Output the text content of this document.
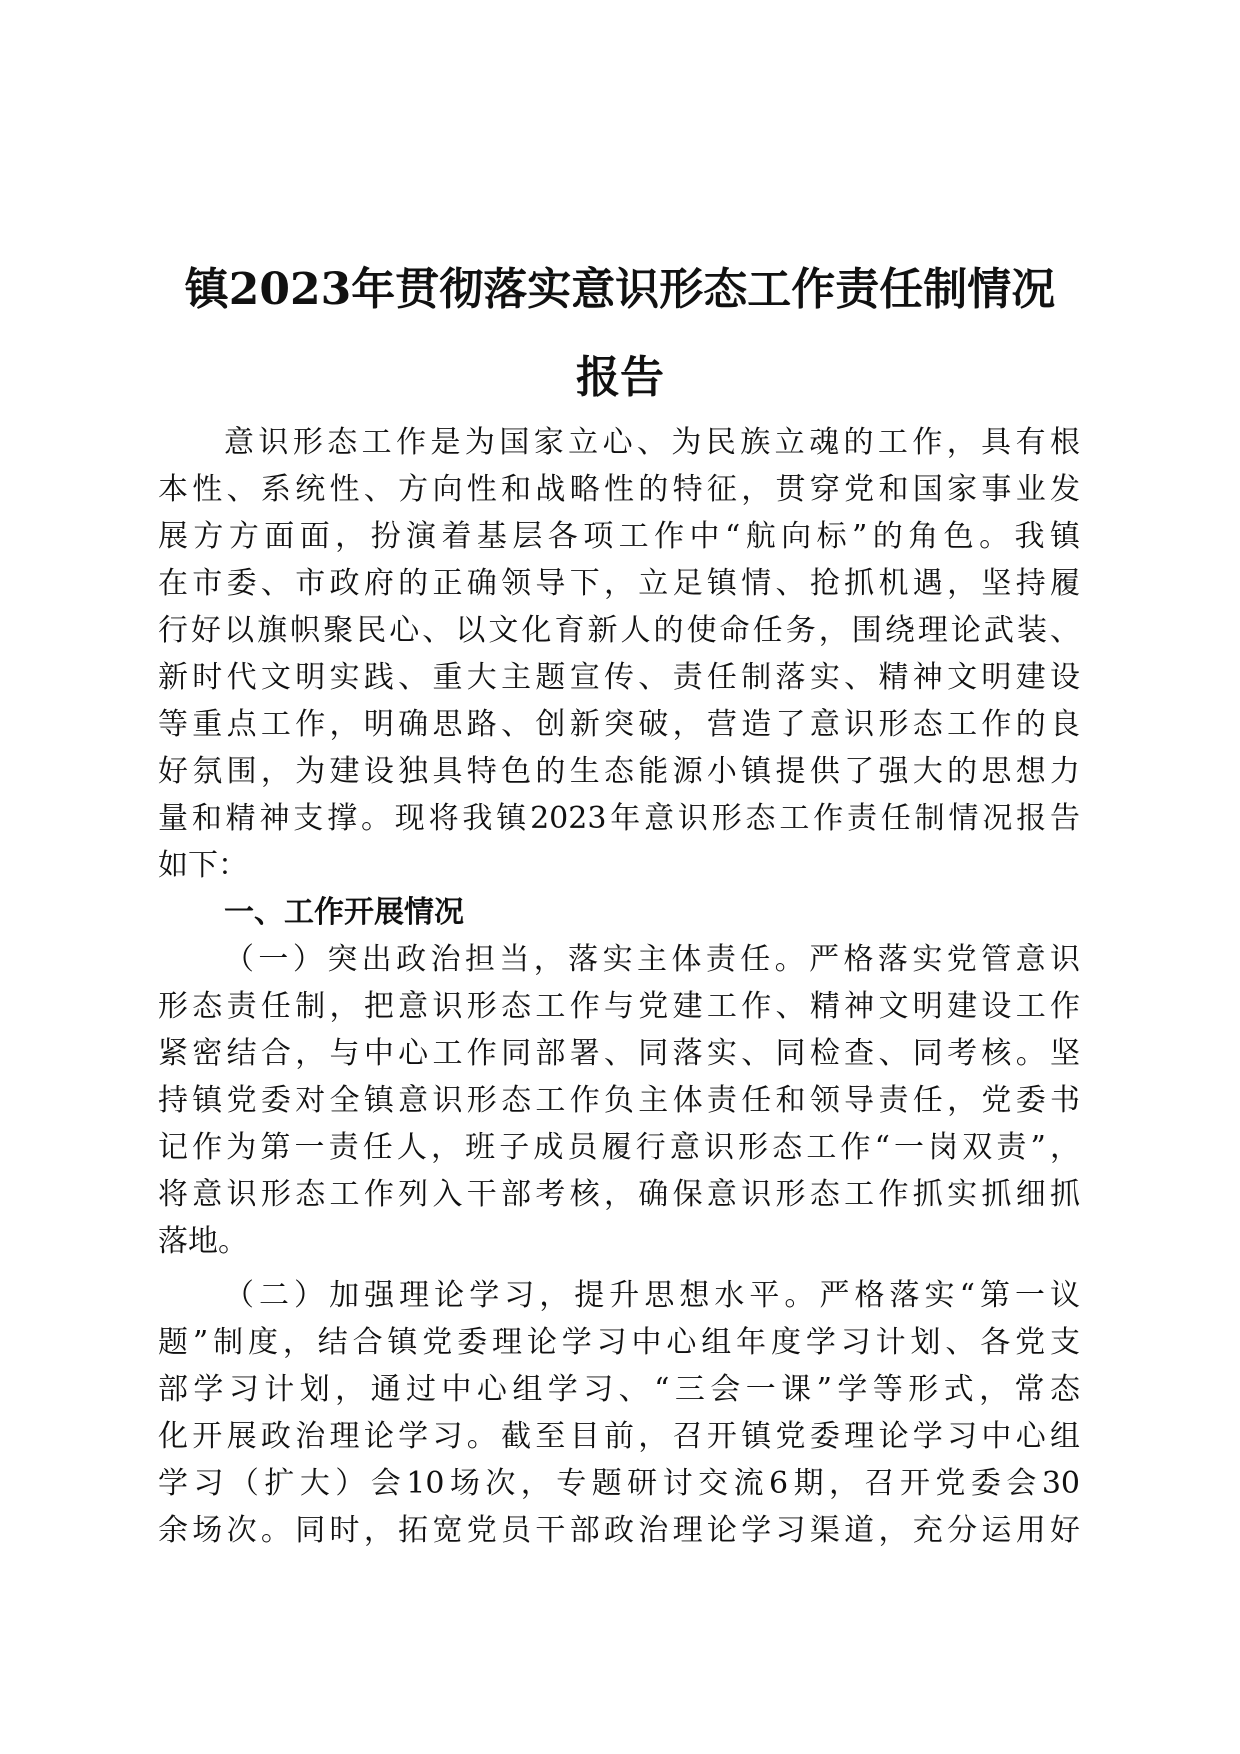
镇2023年贯彻落实意识形态工作责任制情况
报告
意识形态工作是为国家立心、为民族立魂的工作，具有根
本性、系统性、方向性和战略性的特征，贯穿党和国家事业发
展方方面面，扮演着基层各项工作中“航向标”的角色。我镇
在市委、市政府的正确领导下，立足镇情、抢抓机遇，坚持履
行好以旗帜聚民心、以文化育新人的使命任务，围绕理论武装、
新时代文明实践、重大主题宣传、责任制落实、精神文明建设
等重点工作，明确思路、创新突破，营造了意识形态工作的良
好氛围，为建设独具特色的生态能源小镇提供了强大的思想力
量和精神支撑。现将我镇2023年意识形态工作责任制情况报告
如下：
一、工作开展情况
（一）突出政治担当，落实主体责任。严格落实党管意识
形态责任制，把意识形态工作与党建工作、精神文明建设工作
紧密结合，与中心工作同部署、同落实、同检查、同考核。坚
持镇党委对全镇意识形态工作负主体责任和领导责任，党委书
记作为第一责任人，班子成员履行意识形态工作“一岗双责”，
将意识形态工作列入干部考核，确保意识形态工作抓实抓细抓
落地。
（二）加强理论学习，提升思想水平。严格落实“第一议
题”制度，结合镇党委理论学习中心组年度学习计划、各党支
部学习计划，通过中心组学习、“三会一课”学等形式，常态
化开展政治理论学习。截至目前，召开镇党委理论学习中心组
学习（扩大）会10场次，专题研讨交流6期，召开党委会30
余场次。同时，拓宽党员干部政治理论学习渠道，充分运用好
